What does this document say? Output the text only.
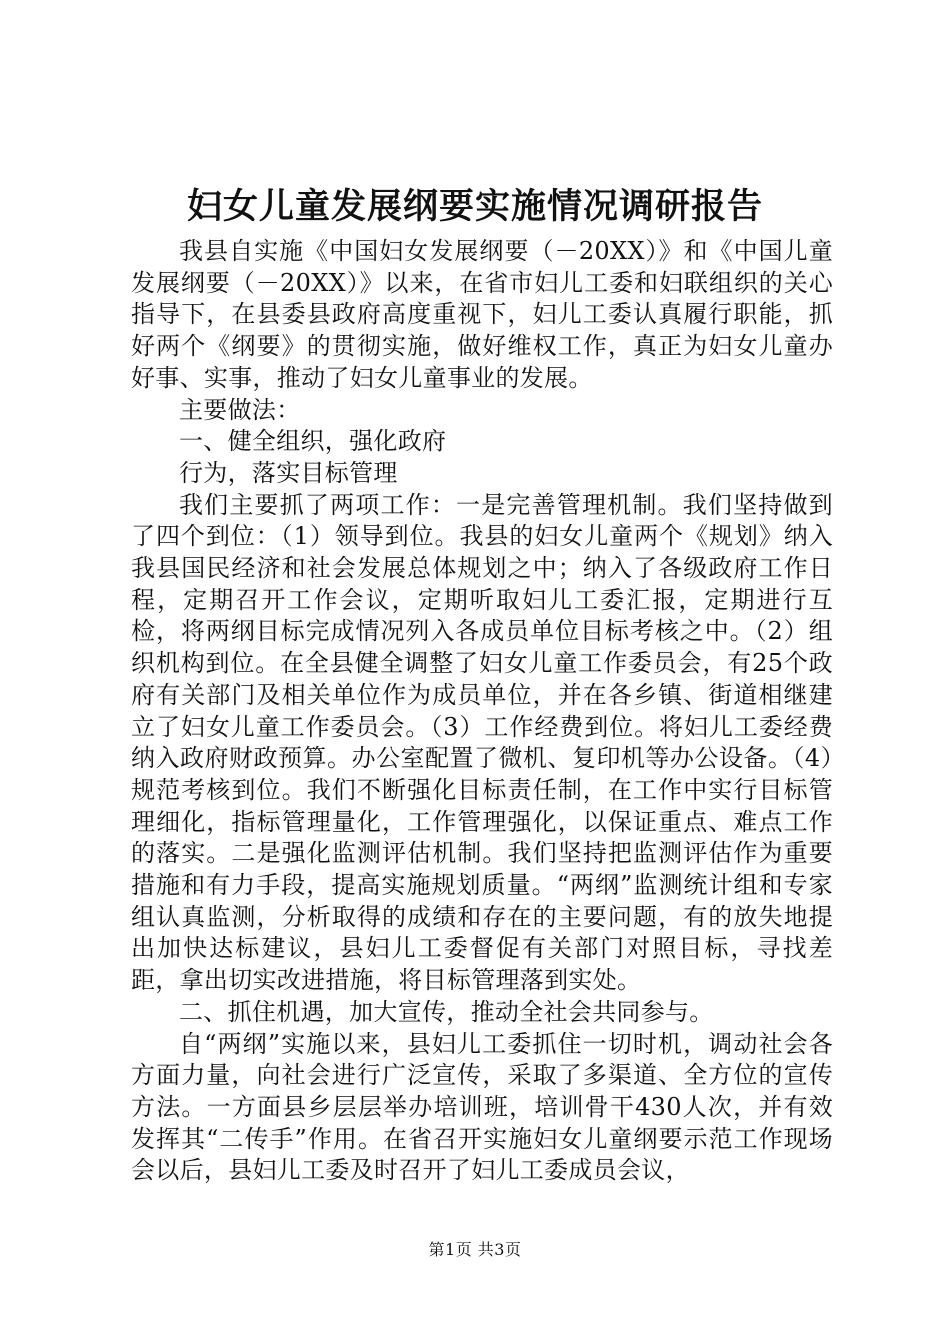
妇女儿童发展纲要实施情况调研报告

我县自实施《中国妇女发展纲要（－20XX）》和《中国儿童发展纲要（－20XX）》以来，在省市妇儿工委和妇联组织的关心指导下，在县委县政府高度重视下，妇儿工委认真履行职能，抓好两个《纲要》的贯彻实施，做好维权工作，真正为妇女儿童办好事、实事，推动了妇女儿童事业的发展。

主要做法：

一、健全组织，强化政府

行为，落实目标管理

我们主要抓了两项工作：一是完善管理机制。我们坚持做到了四个到位：（1）领导到位。我县的妇女儿童两个《规划》纳入我县国民经济和社会发展总体规划之中；纳入了各级政府工作日程，定期召开工作会议，定期听取妇儿工委汇报，定期进行互检，将两纲目标完成情况列入各成员单位目标考核之中。（2）组织机构到位。在全县健全调整了妇女儿童工作委员会，有25个政府有关部门及相关单位作为成员单位，并在各乡镇、街道相继建立了妇女儿童工作委员会。（3）工作经费到位。将妇儿工委经费纳入政府财政预算。办公室配置了微机、复印机等办公设备。（4）规范考核到位。我们不断强化目标责任制，在工作中实行目标管理细化，指标管理量化，工作管理强化，以保证重点、难点工作的落实。二是强化监测评估机制。我们坚持把监测评估作为重要措施和有力手段，提高实施规划质量。“两纲”监测统计组和专家组认真监测，分析取得的成绩和存在的主要问题，有的放失地提出加快达标建议，县妇儿工委督促有关部门对照目标，寻找差距，拿出切实改进措施，将目标管理落到实处。

二、抓住机遇，加大宣传，推动全社会共同参与。

自“两纲”实施以来，县妇儿工委抓住一切时机，调动社会各方面力量，向社会进行广泛宣传，采取了多渠道、全方位的宣传方法。一方面县乡层层举办培训班，培训骨干430人次，并有效发挥其“二传手”作用。在省召开实施妇女儿童纲要示范工作现场会以后，县妇儿工委及时召开了妇儿工委成员会议，

第1页 共3页
